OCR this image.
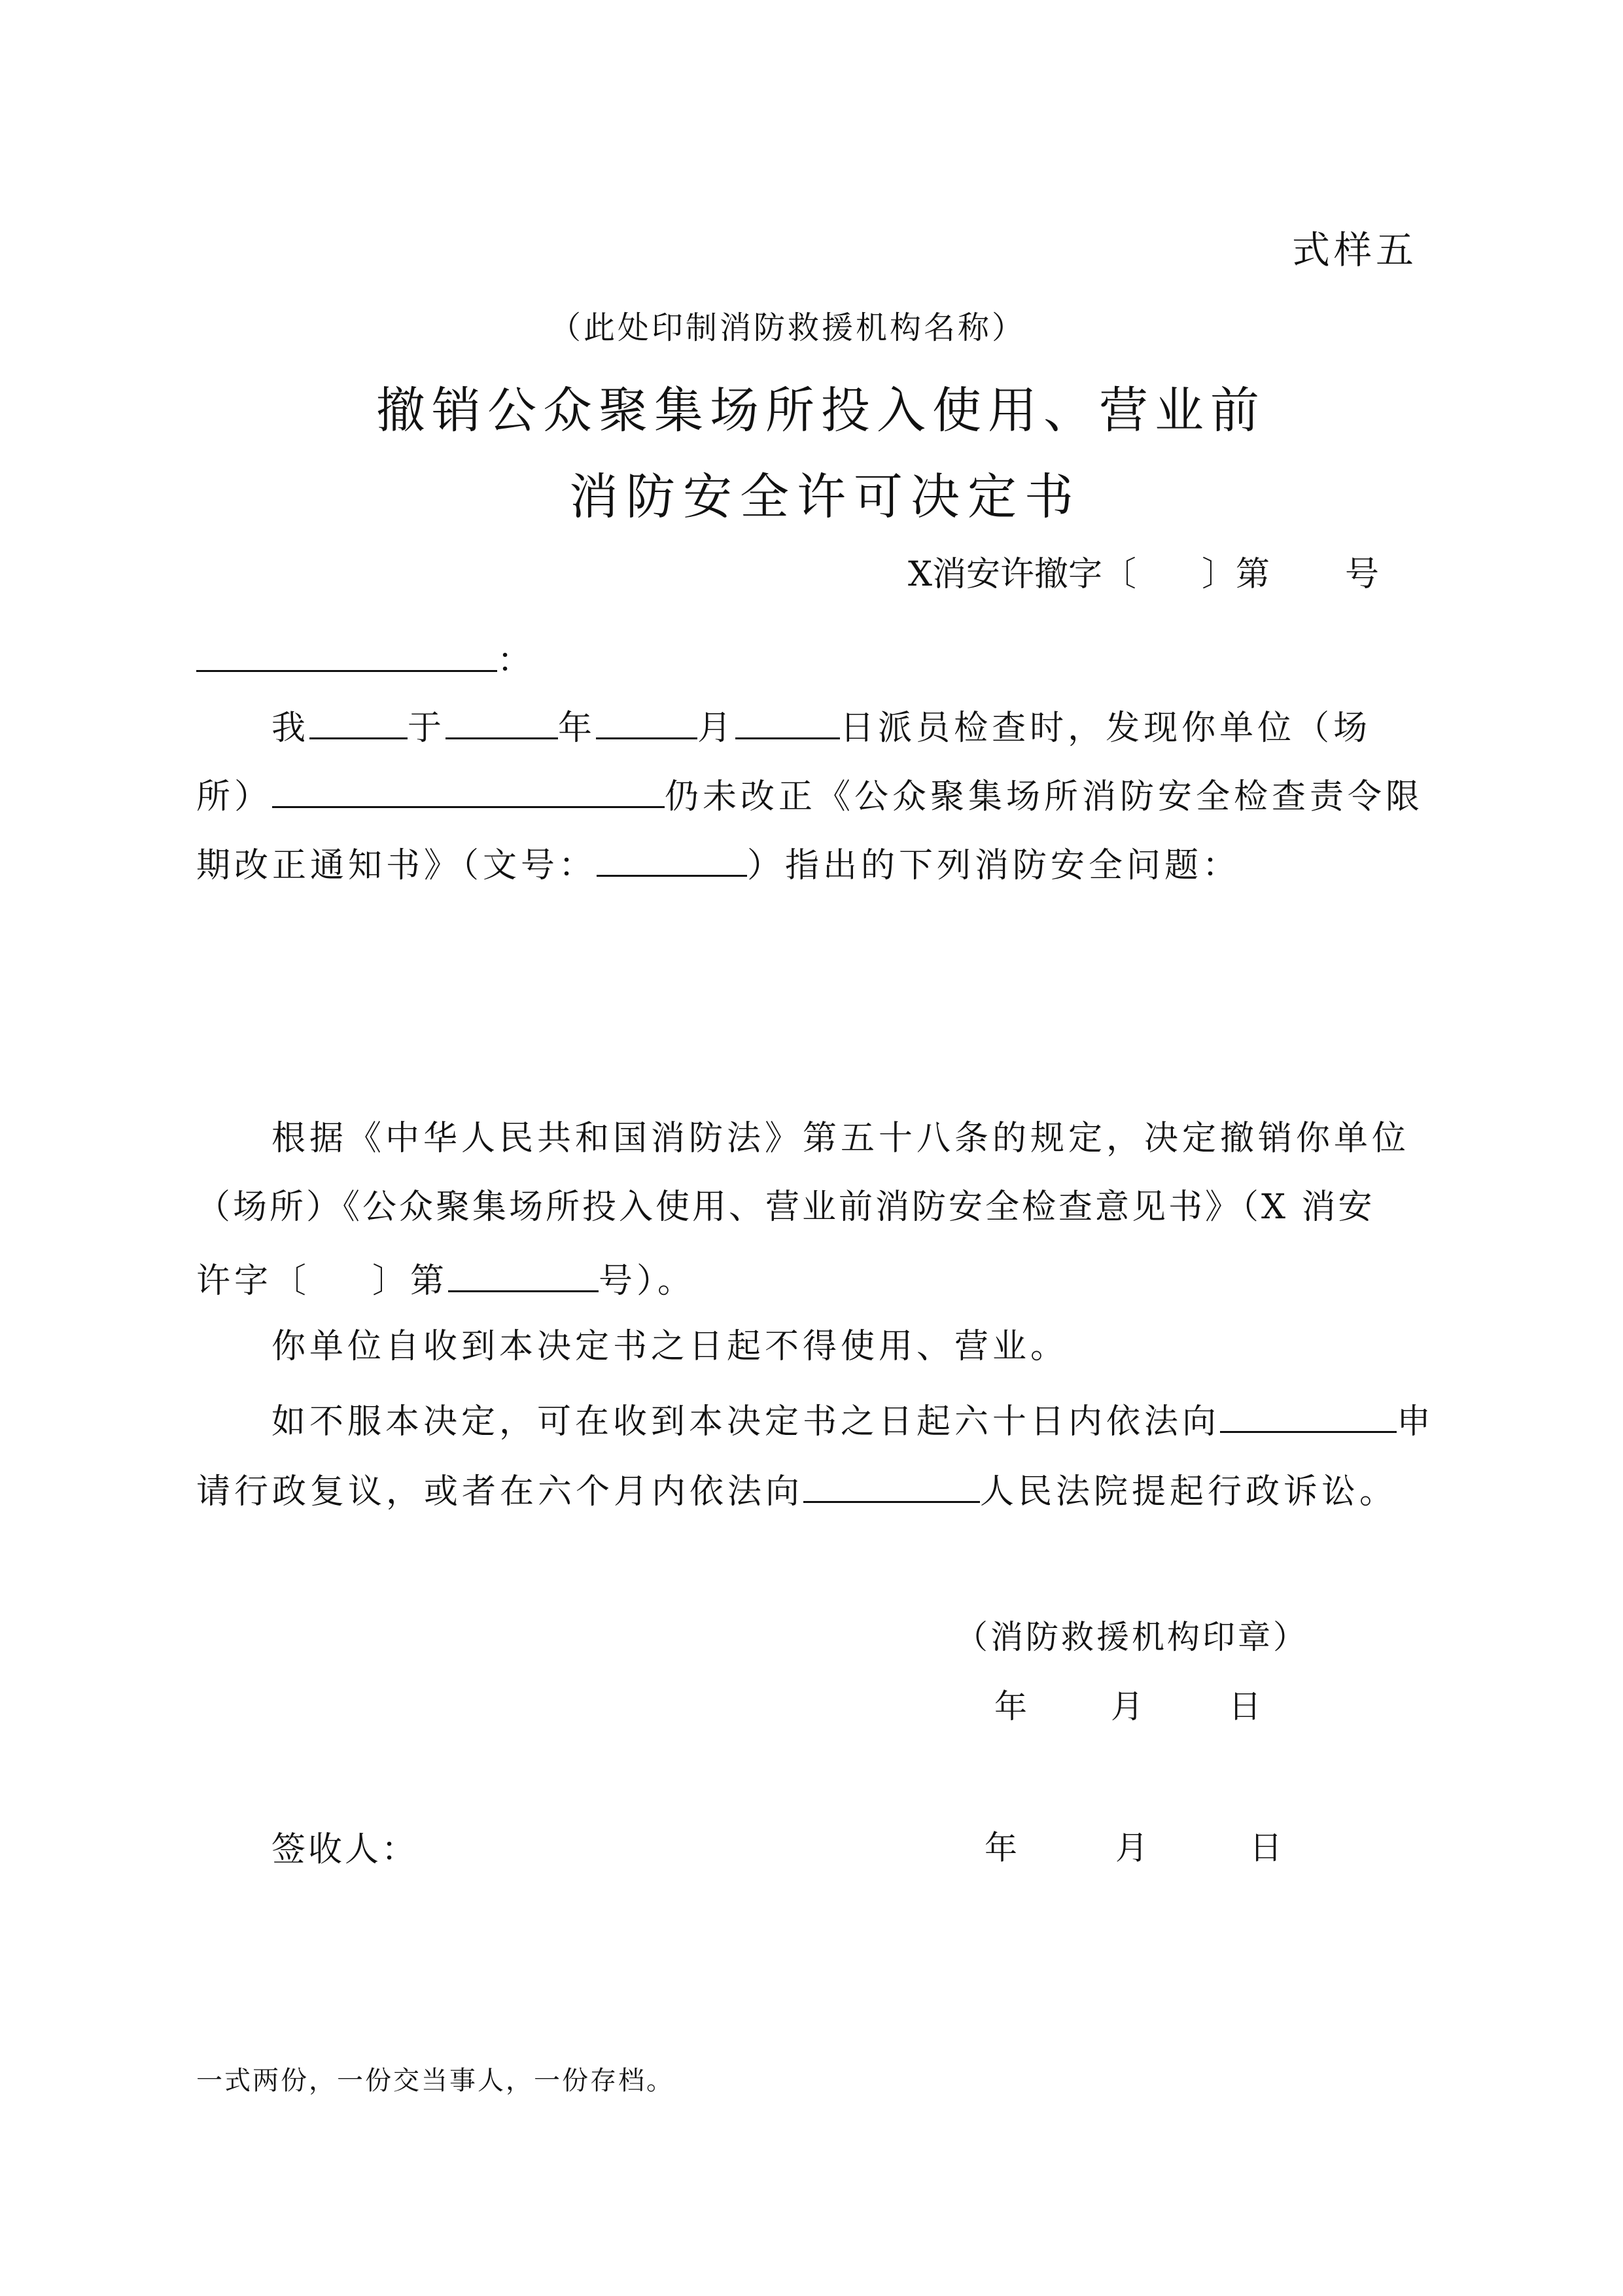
式样五
（此处印制消防救援机构名称）
撤销公众聚集场所投入使用、营业前
消防安全许可决定书
X消安许撤字〔 〕第 号
：
我	于	年	月	日派员检查时，发现你单位（场
所）	仍未改正《公众聚集场所消防安全检查责令限
期改正通知书》（文号：	）指出的下列消防安全问题：
根据《中华人民共和国消防法》第五十八条的规定，决定撤销你单位
（场所）《公众聚集场所投入使用、营业前消防安全检查意见书》（X 消安
许字〔 〕第	号）。
你单位自收到本决定书之日起不得使用、营业。
如不服本决定，可在收到本决定书之日起六十日内依法向	申
请行政复议，或者在六个月内依法向	人民法院提起行政诉讼。
（消防救援机构印章）
年	月	日
签收人：	年	月	日
一式两份，一份交当事人，一份存档。
